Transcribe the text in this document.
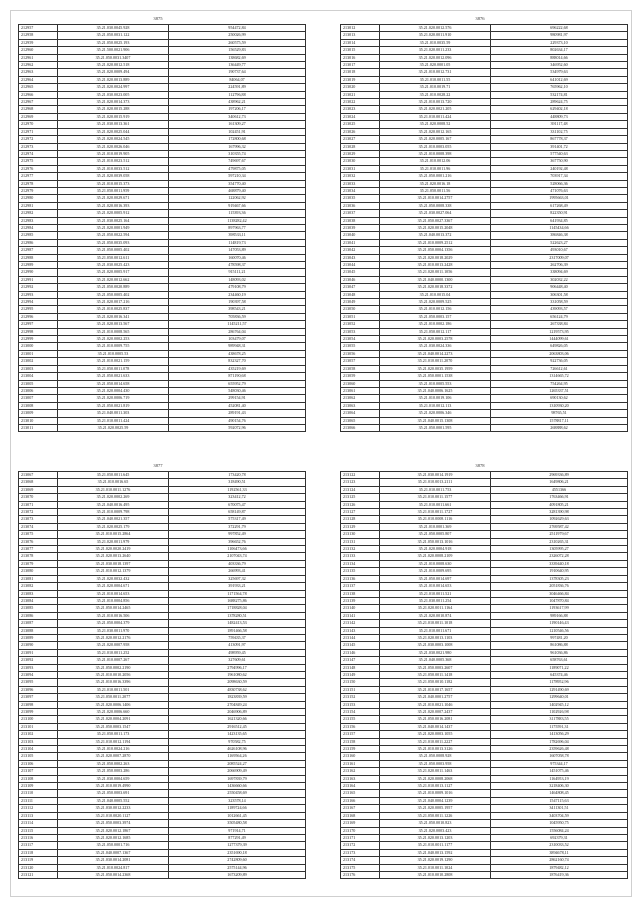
3875
212957	35.21.030.0045.928	954472,84
212958	35.21.050.0031.122	250026,99
212959	35.21.050.0025.193	260575,59
212960	35.21.500.0021.906	156529,83
212961	35.21.050.0031.3407	138682,69
212962	35.21.020.0012.518	136449,77
212963	35.21.020.0009.494	190737,64
212964	35.21.020.0013.889	84064,07
212965	35.21.020.0024.997	224591,89
212966	35.21.030.0023.005	112796,88
212967	35.21.020.0014.373	438962,21
212968	35.21.020.0015.288	197206,17
212969	35.21.020.0015.919	340612,73
212970	35.21.030.0013.361	161309,27
212971	35.21.020.0025.044	102451,91
212972	35.21.020.0024.545	172800,68
212973	35.21.020.0026.046	167996,32
212974	35.21.010.0019.905	310355,74
212975	35.21.010.0023.512	749697,67
212976	35.21.010.0033.512	479875,05
212977	35.21.020.0039.058	597210,34
212978	35.21.010.0015.373	354770,40
212979	35.21.050.0011.959	468879,40
212980	35.21.020.0029.671	122062,92
212981	35.21.020.0016.393	919467,66
212982	35.21.020.0005.912	115393,36
212983	35.21.030.0025.164	1138282,42
212984	35.21.020.0001.949	897963,77
212985	35.21.050.0022.594	398533,11
212986	35.21.050.0035.093	114819,73
212987	35.21.050.0005.402	147053,89
212988	35.21.050.0012.611	160070,46
212989	35.21.030.0025.423	478598,37
212990	35.21.020.0005.917	915111,21
212991	35.21.020.0012.662	148093,02
212992	35.21.050.0020.889	479108,79
212993	35.21.050.0005.402	234460,19
212994	35.21.020.0017.216	190397,58
212995	35.21.010.0025.837	398543,21
212996	35.21.020.0016.341	705836,59
212997	35.21.020.0013.567	1145211,57
212998	35.21.010.0008.565	286764,04
212999	35.21.020.0002.253	103479,07
213000	35.21.010.0009.755	989948,31
213001	35.21.010.0005.53	438678,25
213002	35.21.010.0021.159	832327,70
213003	35.21.050.0011.078	435219,69
213004	35.21.050.0021.633	871190,68
213005	35.21.050.0014.658	655952,79
213006	35.21.020.0004.430	548030,46
213007	35.21.020.0006.719	299154,91
213008	35.21.050.0021.819	452081,40
213009	35.21.040.0011.303	289191,43
213010	35.21.010.0011.424	490154,76
213011	35.21.020.0025.59	592072,96
3876
213012	35.21.020.0012.576	696222,68
213013	35.21.020.0011.910	980981,97
213014	35.21.010.0035.59	229373,10
213015	35.21.020.0011.233	802634,17
213016	35.21.020.0012.096	888014,66
213017	35.21.020.0001.05	346952,60
213018	35.21.010.0012.731	534979,63
213019	35.21.010.0011.55	641012,69
213020	35.21.010.0019.71	765962,10
213021	35.21.010.0028.22	532174,81
213022	35.21.010.0013.720	289624,75
213023	35.21.020.0021.205	629402,18
213024	35.21.010.0011.424	448809,73
213025	35.21.020.0008.52	391117,48
213026	35.21.020.0012.165	331102,75
213027	35.21.020.0005.167	867778,37
213028	35.21.010.0003.055	391401,72
213029	35.21.010.0008.398	577540,63
213030	35.21.010.0012.06	367750,90
213031	35.21.010.0011.96	240192,48
213032	35.21.050.0001.216	703917,34
213033	35.21.020.0016.18	528066,36
213034	35.21.050.0011.56	471076,63
213035	35.21.010.0014.2757	1995663,01
213036	35.21.050.0008.338	617268,49
213037	35.21.030.0027.064	822350,91
213038	35.21.050.0027.3367	641934,85
213039	35.21.020.0015.2048	1145434,66
213040	35.21.040.0013.372	386846,38
213041	35.21.010.0009.2512	522623,27
213042	35.21.050.0004.1356	493010,67
213043	35.21.020.0018.2029	2317009,07
213044	35.21.010.0013.2428	262706,39
213045	35.21.020.0011.1056	338094,69
213046	35.21.040.0000.1300	302032,22
213047	35.21.020.0018.3372	906448,40
213048	35.21.010.0015.04	306301,58
213049	35.21.020.0009.525	331058,59
213050	35.21.010.0012.156	439093,57
213051	35.21.050.0003.157	656124,79
213052	35.21.010.0002.186	267338,84
213053	35.21.050.0012.117	1219573,95
213054	35.21.020.0003.2578	1444099,61
213055	35.21.030.0024.336	649826,05
213056	35.21.040.0014.2273	2063803,06
213057	35.21.010.0011.2070	922736,05
213058	35.21.020.0035.1959	726612,61
213059	35.21.050.0001.1538	1314665,72
213060	35.21.010.0005.553	754264,95
213061	35.21.040.0006.1625	1265337,51
213062	35.21.010.0019.106	690130,62
213063	35.21.010.0012.113	1310930,20
213064	35.21.020.0006.346	98765,51
213065	35.21.040.0015.1308	1578817,11
213066	35.21.050.0001.595	268888,62
3877
213067	35.21.050.0011.645	173420,78
213068	35.21.010.0016.65	318490,51
213069	35.21.010.0011.1276	1192561,33
213070	35.21.020.0002.269	323412,72
213071	35.21.040.0016.495	670075,47
213072	35.21.010.0009.798	658149,87
213073	35.21.040.0021.357	575317,49
213074	35.21.020.0025.179	372291,79
213075	35.21.010.0015.2864	997852,49
213076	35.21.020.0011.979	396652,76
213077	35.21.020.0020.2419	1106473,66
213078	35.21.020.0013.2640	2107043,74
213079	35.21.030.0018.1397	403336,79
213080	35.21.010.0012.1379	266993,41
213081	35.21.020.0032.432	325697,32
213082	35.21.020.0004.671	391933,21
213083	35.21.010.0014.653	1171564,78
213084	35.21.010.0004.856	1688275,86
213085	35.21.050.0014.2465	1718828,04
213086	35.21.010.0016.506	1378280,51
213087	35.21.050.0004.379	1482413,53
213088	35.21.030.0011.970	1891466,58
213089	35.21.020.0012.2176	759435,37
213090	35.21.020.0007.958	413091,97
213091	35.21.010.0011.252	498959,45
213092	35.21.010.0007.267	327609,61
213093	35.21.050.0002.2190	2794996,17
213094	35.21.010.0010.2056	1961080,62
213095	35.21.010.0016.3396	2098630,59
213096	35.21.010.0011.501	4830738,62
213097	35.21.050.0011.2077	1823839,59
213098	35.21.020.0006.1406	2704849,24
213099	35.21.020.0006.660	2046906,89
213100	35.21.020.0004.2091	1621320,66
213101	35.21.050.0003.1547	2916512,45
213102	35.21.050.0011.173	1423135,65
213103	35.21.010.0012.1194	970582,75
213104	35.21.010.0024.216	4626108,96
213105	35.21.020.0007.2870	1169564,26
213106	35.21.050.0002.263	2085524,27
213107	35.21.050.0003.286	2066909,49
213108	35.21.030.0004.659	1697839,79
213109	35.21.010.0019.4990	1436660,66
213110	35.21.050.0003.691	2550458,69
213111	35.21.040.0005.552	323578,14
213112	35.21.030.0012.2233	1189724,66
213113	35.21.010.0020.1127	1012661,45
213114	35.21.050.0003.3974	3505480,58
213115	35.21.020.0012.1867	971914,71
213116	35.21.020.0012.1685	877291,49
213117	35.21.050.0001.716	1277379,39
213118	35.21.040.0007.1367	2351690,18
213119	35.21.030.0014.2081	2742809,60
213120	35.21.010.0024.817	2575144,96
213121	35.21.050.0014.2368	1673209,89
3878
213122	35.21.030.0014.1919	2969336,89
213123	35.21.010.0013.2111	1649806,21
213124	35.21.010.0011.753	4551366
213125	35.21.010.0011.1577	1763466,91
213126	35.21.010.0011.661	4091805,21
213127	35.21.010.0011.1727	3281390,98
213128	35.21.010.0008.1116	1092629,63
213129	35.21.010.0001.369	2769587,42
213130	35.21.050.0005.807	2511979,67
213131	35.21.050.0013.1016	2310265,31
213132	35.21.020.0004.918	1305995,27
213133	35.21.020.0008.2109	2326072,28
213134	35.21.010.0008.630	3339440,18
213135	35.21.010.0009.695	1910640,95
213136	35.21.050.0014.697	1378305,23
213137	35.21.010.0014.653	2051836,76
213138	35.21.010.0011.521	3046466,84
213139	35.21.030.0011.254	1047870,84
213140	35.21.020.0011.1164	1193617,99
213141	35.21.020.0010.874	989166,88
213142	35.21.010.0011.1018	1190146,43
213143	35.21.010.0011.671	1210546,56
213144	35.21.020.0013.1103	997481,20
213145	35.21.030.0003.1008	861086,88
213146	35.21.030.0021.980	961036,86
213147	35.21.040.0005.368	658763,61
213148	35.21.050.0003.2607	1189071,22
213149	35.21.050.0011.1418	645374,46
213150	35.21.050.0010.1182	1178952,96
213151	35.21.010.0017.1657	1291490,69
213152	35.21.040.0001.2757	1299640,01
213153	35.21.010.0021.1046	1402945,12
213154	35.21.020.0007.2437	1102926,98
213155	35.21.050.0016.2081	3117883,55
213156	35.21.040.0014.1437	1175591,31
213157	35.21.020.0003.1055	1413056,29
213158	35.21.010.0011.2227	1782696,04
213159	35.21.010.0013.3126	2359626,48
213160	35.21.050.0008.928	1607058,78
213161	35.21.050.0003.958	975344,17
213162	35.21.020.0011.1463	1451075,46
213163	35.21.020.0008.2068	1164953,19
213164	35.21.010.0013.1127	3218406,30
213165	35.21.010.0009.1016	1464808,45
213166	35.21.040.0004.1239	1547115,63
213167	35.21.020.0005.1957	3411301,51
213168	35.21.050.0011.1226	3403704,59
213169	35.21.050.0010.823	1045950,75
213170	35.21.020.0003.423	1556084,24
213171	35.21.020.0013.1203	692379,31
213172	35.21.010.0011.1177	2310033,52
213173	35.21.040.0013.1592	3894678,11
213174	35.21.020.0019.1290	2862160,74
213175	35.21.010.0011.1024	1879482,12
213176	35.21.010.0010.2808	1876419,36
